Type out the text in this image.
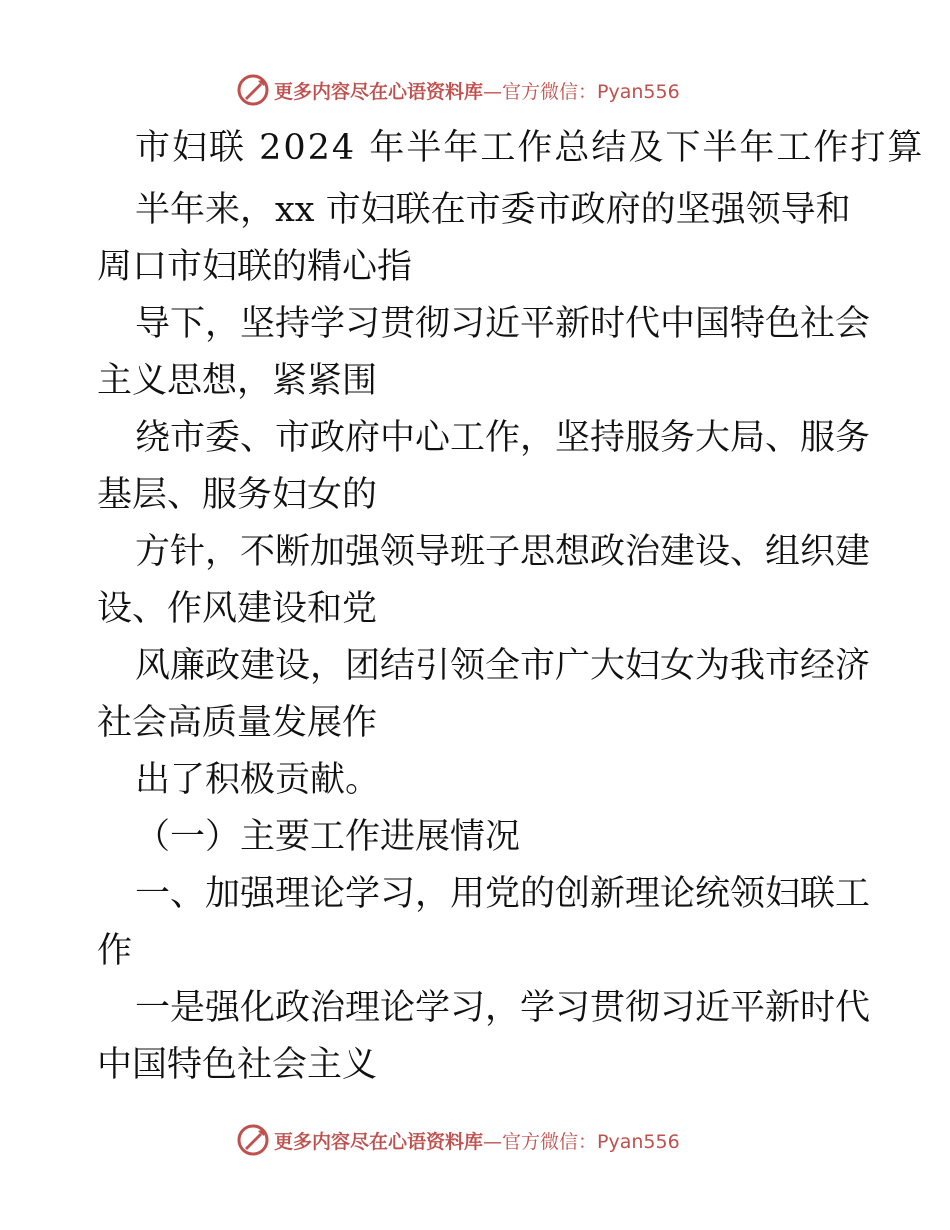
更多内容尽在心语资料库—官方微信：Pyan556
市妇联 2024 年半年工作总结及下半年工作打算
半年来，xx 市妇联在市委市政府的坚强领导和
周口市妇联的精心指
导下，坚持学习贯彻习近平新时代中国特色社会
主义思想，紧紧围
绕市委、市政府中心工作，坚持服务大局、服务
基层、服务妇女的
方针，不断加强领导班子思想政治建设、组织建
设、作风建设和党
风廉政建设，团结引领全市广大妇女为我市经济
社会高质量发展作
出了积极贡献。
（一）主要工作进展情况
一、加强理论学习，用党的创新理论统领妇联工
作
一是强化政治理论学习，学习贯彻习近平新时代
中国特色社会主义
更多内容尽在心语资料库—官方微信：Pyan556
